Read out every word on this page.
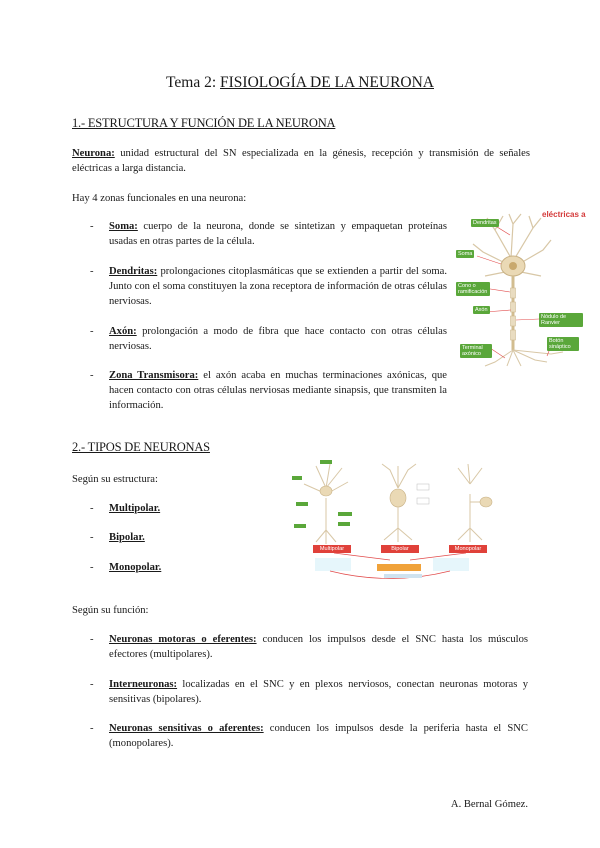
Tema 2: FISIOLOGÍA DE LA NEURONA
1.- ESTRUCTURA Y FUNCIÓN DE LA NEURONA

Neurona: unidad estructural del SN especializada en la génesis, recepción y transmisión de señales eléctricas a larga distancia.

Hay 4 zonas funcionales en una neurona:

- Soma: cuerpo de la neurona, donde se sintetizan y empaquetan proteínas usadas en otras partes de la célula.
- Dendritas: prolongaciones citoplasmáticas que se extienden a partir del soma. Junto con el soma constituyen la zona receptora de información de otras células nerviosas.
- Axón: prolongación a modo de fibra que hace contacto con otras células nerviosas.
- Zona Transmisora: el axón acaba en muchas terminaciones axónicas, que hacen contacto con otras células nerviosas mediante sinapsis, que transmiten la información.
eléctricas a
Dendritas
Soma
Cono o ramificación
Axón
Nódulo de Ranvier
Terminal axónico
Botón sináptico
2.- TIPOS DE NEURONAS

Según su estructura:

- Multipolar.
- Bipolar.
- Monopolar.
Multipolar	Bipolar	Monopolar

Según su función:

- Neuronas motoras o eferentes: conducen los impulsos desde el SNC hasta los músculos efectores (multipolares).
- Interneuronas: localizadas en el SNC y en plexos nerviosos, conectan neuronas motoras y sensitivas (bipolares).
- Neuronas sensitivas o aferentes: conducen los impulsos desde la periferia hasta el SNC (monopolares).
A. Bernal Gómez.
